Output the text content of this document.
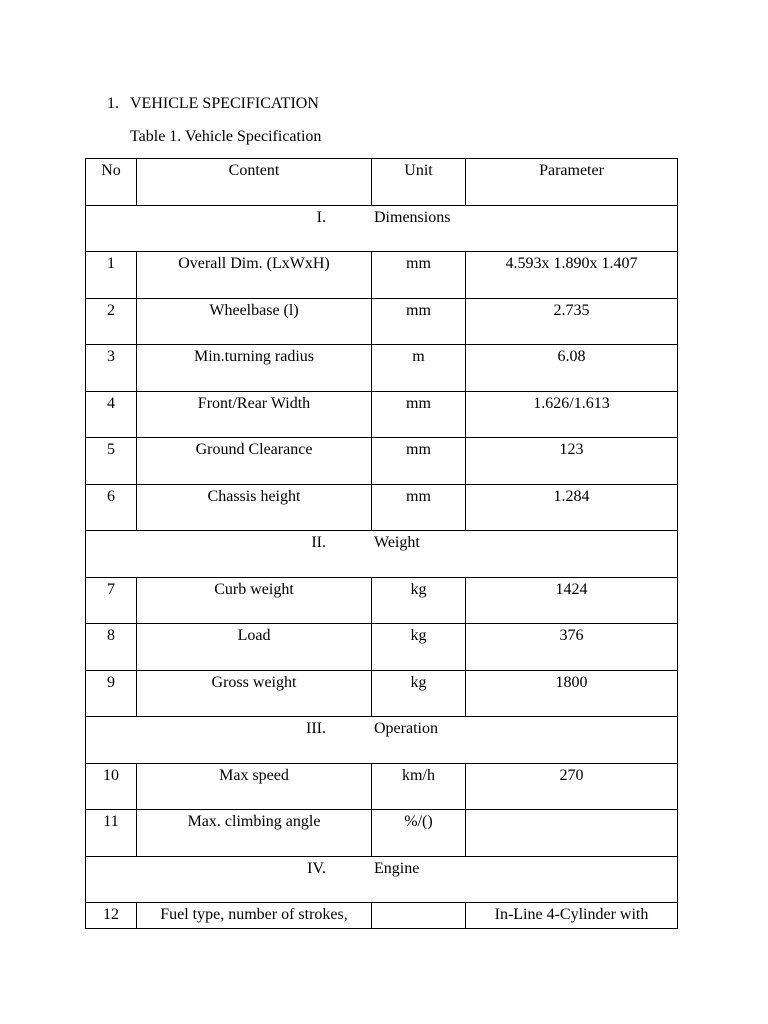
1. VEHICLE SPECIFICATION
Table 1. Vehicle Specification
No	Content	Unit	Parameter

I. Dimensions			

1	Overall Dim. (LxWxH)	mm	4.593x 1.890x 1.407

2	Wheelbase (l)	mm	2.735

3	Min.turning radius	m	6.08

4	Front/Rear Width	mm	1.626/1.613

5	Ground Clearance	mm	123

6	Chassis height	mm	1.284

II. Weight			

7	Curb weight	kg	1424

8	Load	kg	376

9	Gross weight	kg	1800

III. Operation			

10	Max speed	km/h	270

11	Max. climbing angle	%/()	

IV. Engine			

12	Fuel type, number of strokes,		In-Line 4-Cylinder with
